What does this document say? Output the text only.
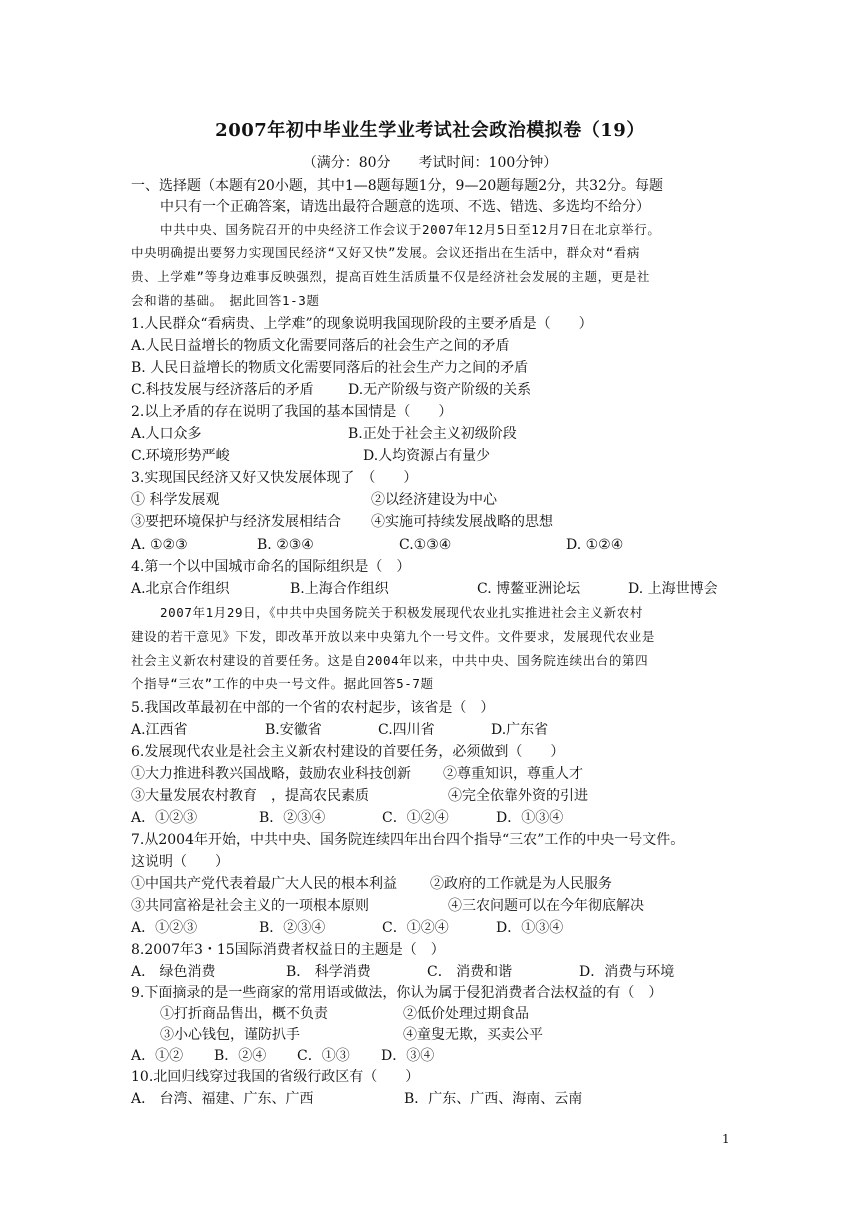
2007年初中毕业生学业考试社会政治模拟卷（19）
（满分：80分　　考试时间：100分钟）
一、选择题（本题有20小题，其中1—8题每题1分，9—20题每题2分，共32分。每题
中只有一个正确答案，请选出最符合题意的选项、不选、错选、多选均不给分）
中共中央、国务院召开的中央经济工作会议于2007年12月5日至12月7日在北京举行。
中央明确提出要努力实现国民经济“又好又快”发展。会议还指出在生活中，群众对“看病
贵、上学难”等身边难事反映强烈，提高百姓生活质量不仅是经济社会发展的主题，更是社
会和谐的基础。　据此回答1-3题
1.人民群众“看病贵、上学难”的现象说明我国现阶段的主要矛盾是（　　）
A.人民日益增长的物质文化需要同落后的社会生产之间的矛盾
B. 人民日益增长的物质文化需要同落后的社会生产力之间的矛盾
C.科技发展与经济落后的矛盾 D.无产阶级与资产阶级的关系
2.以上矛盾的存在说明了我国的基本国情是（　　）
A.人口众多	B.正处于社会主义初级阶段
C.环境形势严峻	D.人均资源占有量少
3.实现国民经济又好又快发展体现了　（　　）
① 科学发展观	②以经济建设为中心
③要把环境保护与经济发展相结合 ④实施可持续发展战略的思想
A. ①②③	B. ②③④	C.①③④	D. ①②④
4.第一个以中国城市命名的国际组织是（　）
A.北京合作组织	B.上海合作组织	C. 博鳌亚洲论坛	D. 上海世博会
2007年1月29日，《中共中央国务院关于积极发展现代农业扎实推进社会主义新农村
建设的若干意见》下发，即改革开放以来中央第九个一号文件。文件要求，发展现代农业是
社会主义新农村建设的首要任务。这是自2004年以来，中共中央、国务院连续出台的第四
个指导“三农”工作的中央一号文件。据此回答5-7题
5.我国改革最初在中部的一个省的农村起步，该省是（　）
A.江西省	B.安徽省	C.四川省	D.广东省
6.发展现代农业是社会主义新农村建设的首要任务，必须做到（　　）
①大力推进科教兴国战略，鼓励农业科技创新 ②尊重知识，尊重人才
③大量发展农村教育　，提高农民素质	④完全依靠外资的引进
A．①②③	B．②③④	C．①②④	D．①③④
7.从2004年开始，中共中央、国务院连续四年出台四个指导“三农”工作的中央一号文件。
这说明（　　）
①中国共产党代表着最广大人民的根本利益 ②政府的工作就是为人民服务
③共同富裕是社会主义的一项根本原则	④三农问题可以在今年彻底解决
A．①②③	B．②③④	C．①②④	D．①③④
8.2007年3・15国际消费者权益日的主题是（　）
A． 绿色消费	B． 科学消费	C． 消费和谐	D．消费与环境
9.下面摘录的是一些商家的常用语或做法，你认为属于侵犯消费者合法权益的有（　）
①打折商品售出，概不负责	②低价处理过期食品
③小心钱包，谨防扒手	④童叟无欺，买卖公平
A．①② B．②④ C．①③ D．③④
10.北回归线穿过我国的省级行政区有（　　）
A． 台湾、福建、广东、广西	B．广东、广西、海南、云南
1
